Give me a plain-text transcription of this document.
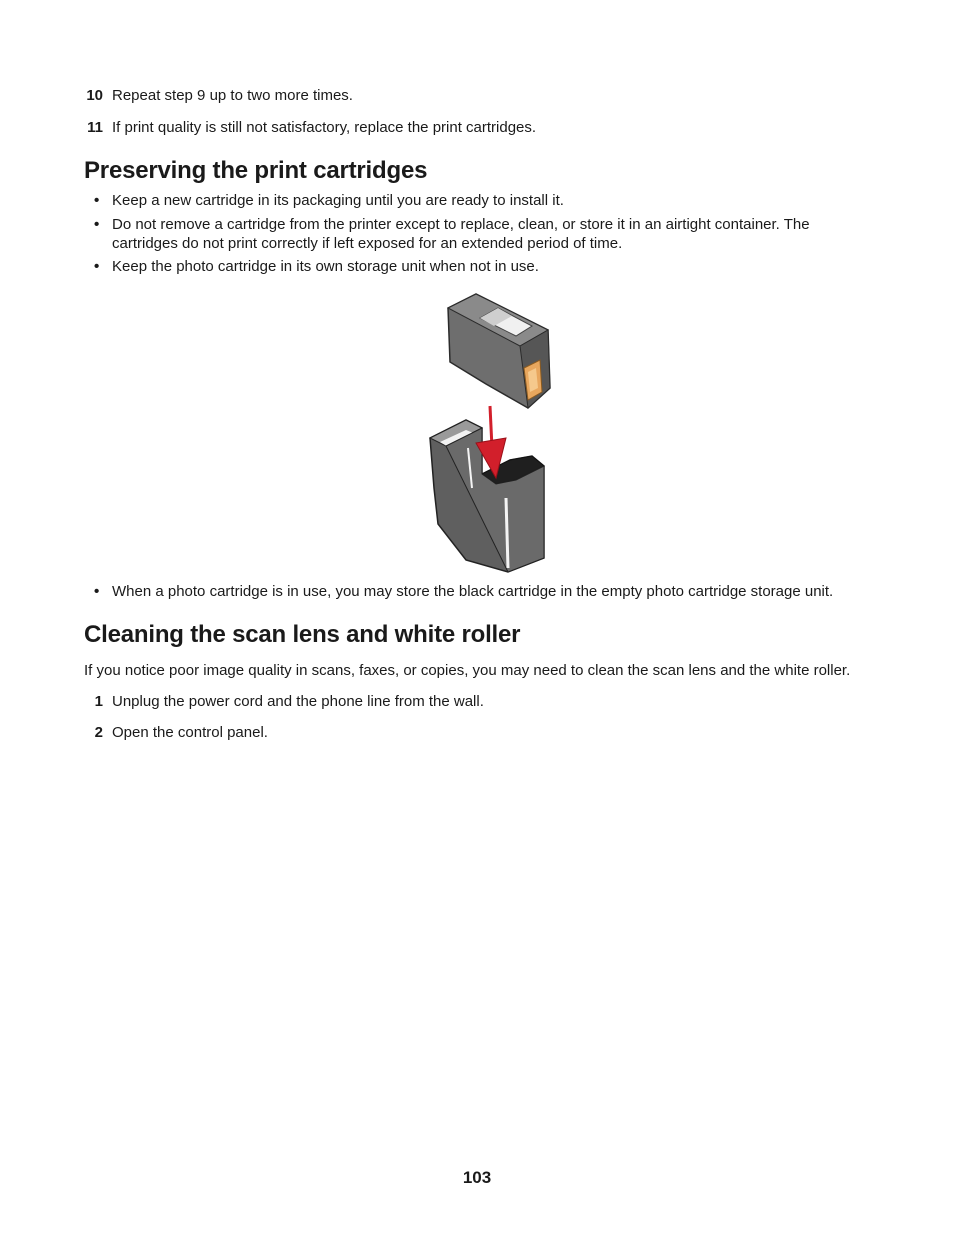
10 Repeat step 9 up to two more times.
11 If print quality is still not satisfactory, replace the print cartridges.
Preserving the print cartridges
• Keep a new cartridge in its packaging until you are ready to install it.
• Do not remove a cartridge from the printer except to replace, clean, or store it in an airtight container. The cartridges do not print correctly if left exposed for an extended period of time.
• Keep the photo cartridge in its own storage unit when not in use.
• When a photo cartridge is in use, you may store the black cartridge in the empty photo cartridge storage unit.
Cleaning the scan lens and white roller
If you notice poor image quality in scans, faxes, or copies, you may need to clean the scan lens and the white roller.
1 Unplug the power cord and the phone line from the wall.
2 Open the control panel.
103
